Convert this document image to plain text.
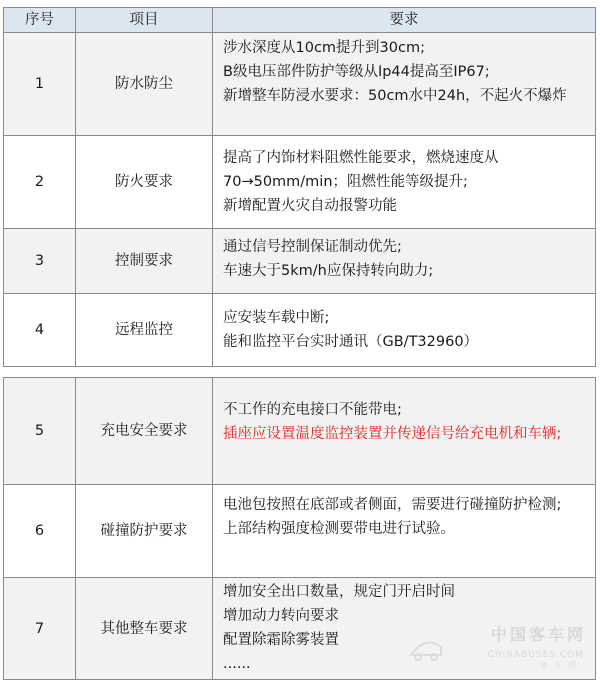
序号	项目	要求
1	防水防尘	涉水深度从10cm提升到30cm;
B级电压部件防护等级从Ip44提高至IP67;
新增整车防浸水要求：50cm水中24h，不起火不爆炸

2	防火要求	提高了内饰材料阻燃性能要求，燃烧速度从70→50mm/min；阻燃性能等级提升;
新增配置火灾自动报警功能

3	控制要求	通过信号控制保证制动优先;
车速大于5km/h应保持转向助力;

4	远程监控	应安装车载中断;
能和监控平台实时通讯（GB/T32960）
5	充电安全要求	不工作的充电接口不能带电;
插座应设置温度监控装置并传递信号给充电机和车辆;

6	碰撞防护要求	电池包按照在底部或者侧面，需要进行碰撞防护检测;
上部结构强度检测要带电进行试验。

7	其他整车要求	增加安全出口数量，规定门开启时间
增加动力转向要求
配置除霜除雾装置
......
中国客车网
CHINABUSES.COM
客车网
